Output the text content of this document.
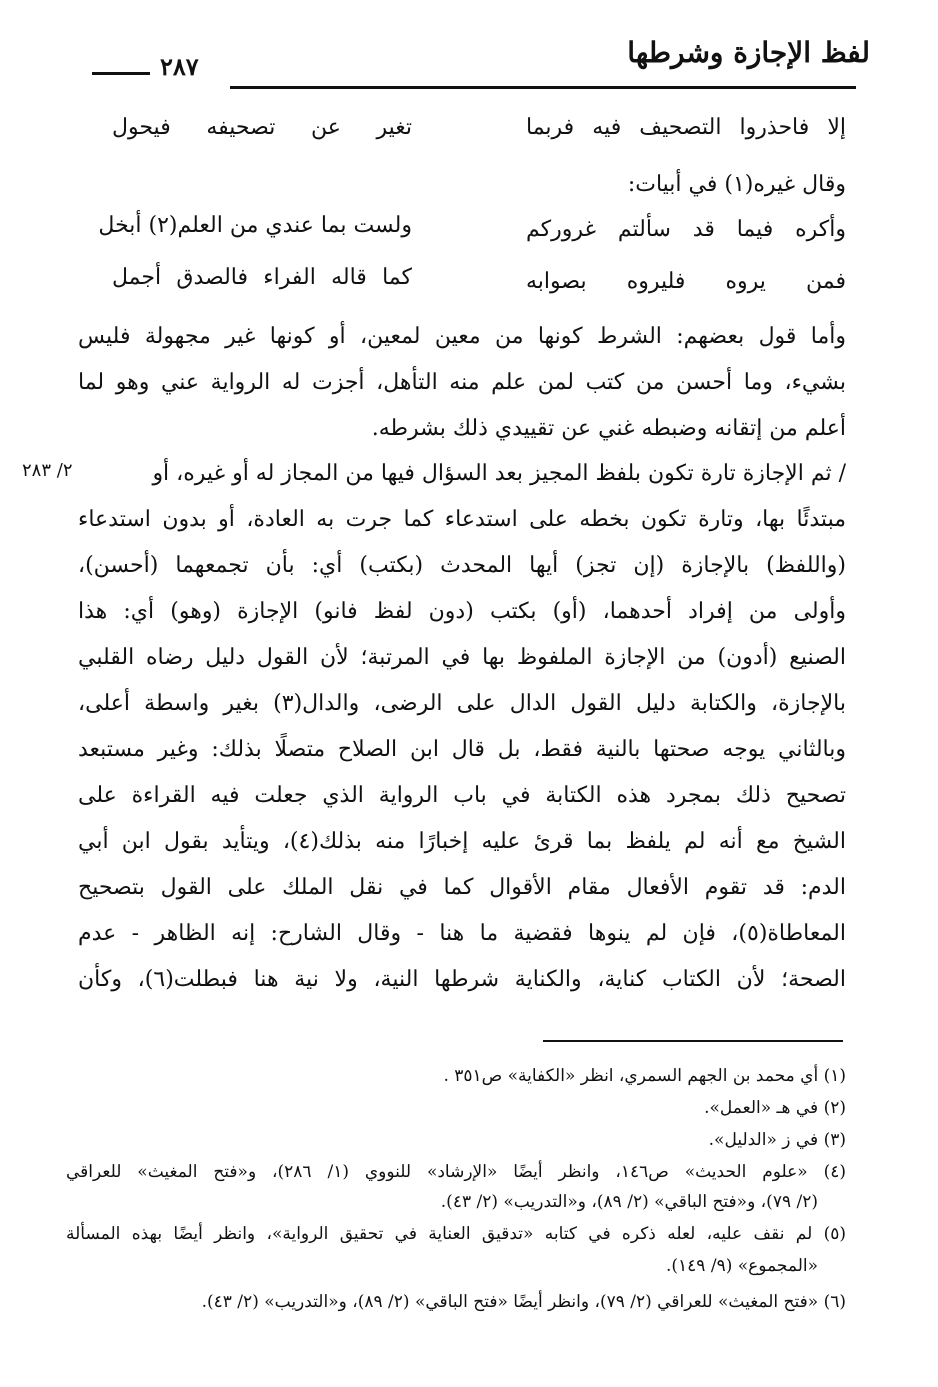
لفظ الإجازة وشرطها
٢٨٧
إلا فاحذروا التصحيف فيه فربما
تغير عن تصحيفه فيحول
وقال غيره(١) في أبيات:
وأكره فيما قد سألتم غروركم
ولست بما عندي من العلم(٢) أبخل
فمن يروه فليروه بصوابه
كما قاله الفراء فالصدق أجمل
وأما قول بعضهم: الشرط كونها من معين لمعين، أو كونها غير مجهولة فليس
بشيء، وما أحسن من كتب لمن علم منه التأهل، أجزت له الرواية عني وهو لما
أعلم من إتقانه وضبطه غني عن تقييدي ذلك بشرطه.
٢/ ٢٨٣	/ ثم الإجازة تارة تكون بلفظ المجيز بعد السؤال فيها من المجاز له أو غيره، أو
مبتدئًا بها، وتارة تكون بخطه على استدعاء كما جرت به العادة، أو بدون استدعاء
(واللفظ) بالإجازة (إن تجز) أيها المحدث (بكتب) أي: بأن تجمعهما (أحسن)،
وأولى من إفراد أحدهما، (أو) بكتب (دون لفظ فانو) الإجازة (وهو) أي: هذا
الصنيع (أدون) من الإجازة الملفوظ بها في المرتبة؛ لأن القول دليل رضاه القلبي
بالإجازة، والكتابة دليل القول الدال على الرضى، والدال(٣) بغير واسطة أعلى،
وبالثاني يوجه صحتها بالنية فقط، بل قال ابن الصلاح متصلًا بذلك: وغير مستبعد
تصحيح ذلك بمجرد هذه الكتابة في باب الرواية الذي جعلت فيه القراءة على
الشيخ مع أنه لم يلفظ بما قرئ عليه إخبارًا منه بذلك(٤)، ويتأيد بقول ابن أبي
الدم: قد تقوم الأفعال مقام الأقوال كما في نقل الملك على القول بتصحيح
المعاطاة(٥)، فإن لم ينوها فقضية ما هنا - وقال الشارح: إنه الظاهر - عدم
الصحة؛ لأن الكتاب كناية، والكناية شرطها النية، ولا نية هنا فبطلت(٦)، وكأن
(١) أي محمد بن الجهم السمري، انظر «الكفاية» ص٣٥١ .
(٢) في هـ «العمل».
(٣) في ز «الدليل».
(٤) «علوم الحديث» ص١٤٦، وانظر أيضًا «الإرشاد» للنووي (١/ ٢٨٦)، و«فتح المغيث» للعراقي
(٢/ ٧٩)، و«فتح الباقي» (٢/ ٨٩)، و«التدريب» (٢/ ٤٣).
(٥) لم نقف عليه، لعله ذكره في كتابه «تدقيق العناية في تحقيق الرواية»، وانظر أيضًا بهذه المسألة
«المجموع» (٩/ ١٤٩).
(٦) «فتح المغيث» للعراقي (٢/ ٧٩)، وانظر أيضًا «فتح الباقي» (٢/ ٨٩)، و«التدريب» (٢/ ٤٣).
